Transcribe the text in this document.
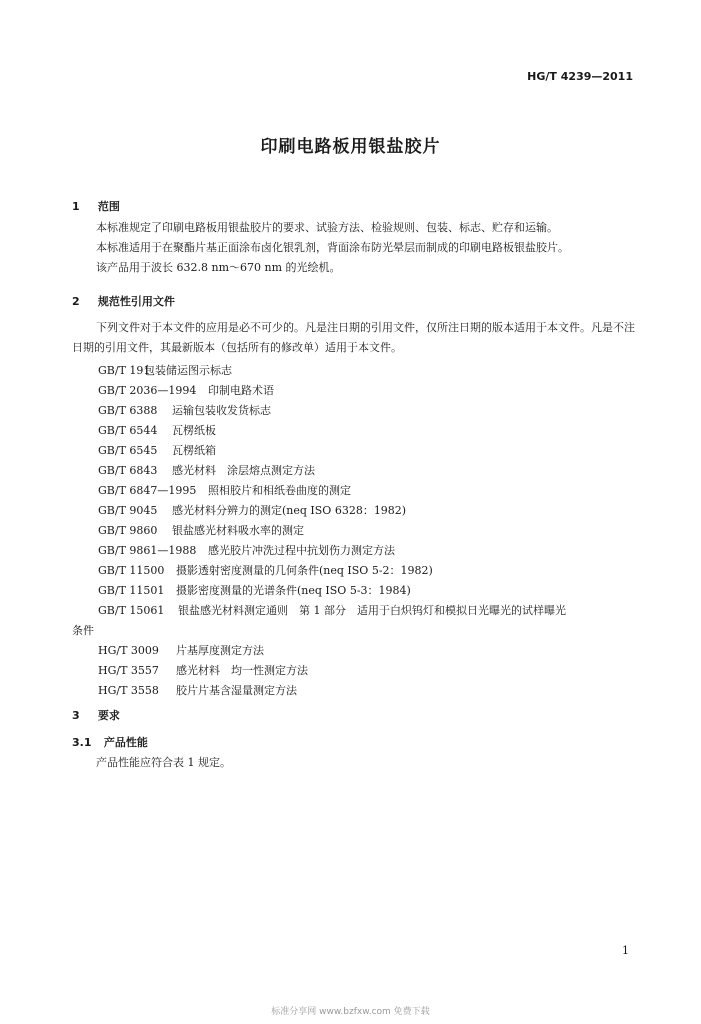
HG/T 4239—2011
印刷电路板用银盐胶片
1 范围
本标准规定了印刷电路板用银盐胶片的要求、试验方法、检验规则、包装、标志、贮存和运输。
本标准适用于在聚酯片基正面涂布卤化银乳剂，背面涂布防光晕层而制成的印刷电路板银盐胶片。
该产品用于波长 632.8 nm～670 nm 的光绘机。
2 规范性引用文件
下列文件对于本文件的应用是必不可少的。凡是注日期的引用文件，仅所注日期的版本适用于本文件。凡是不注日期的引用文件，其最新版本（包括所有的修改单）适用于本文件。
GB/T 191包装储运图示标志
GB/T 2036—1994 印制电路术语
GB/T 6388 运输包装收发货标志
GB/T 6544 瓦楞纸板
GB/T 6545 瓦楞纸箱
GB/T 6843 感光材料　涂层熔点测定方法
GB/T 6847—1995 照相胶片和相纸卷曲度的测定
GB/T 9045 感光材料分辨力的测定(neq ISO 6328：1982)
GB/T 9860 银盐感光材料吸水率的测定
GB/T 9861—1988 感光胶片冲洗过程中抗划伤力测定方法
GB/T 11500 摄影透射密度测量的几何条件(neq ISO 5-2：1982)
GB/T 11501 摄影密度测量的光谱条件(neq ISO 5-3：1984)
GB/T 15061 银盐感光材料测定通则　第 1 部分　适用于白炽钨灯和模拟日光曝光的试样曝光
条件
HG/T 3009 片基厚度测定方法
HG/T 3557 感光材料　均一性测定方法
HG/T 3558 胶片片基含湿量测定方法
3 要求
3.1 产品性能
产品性能应符合表 1 规定。
1
标准分享网 www.bzfxw.com 免费下载
